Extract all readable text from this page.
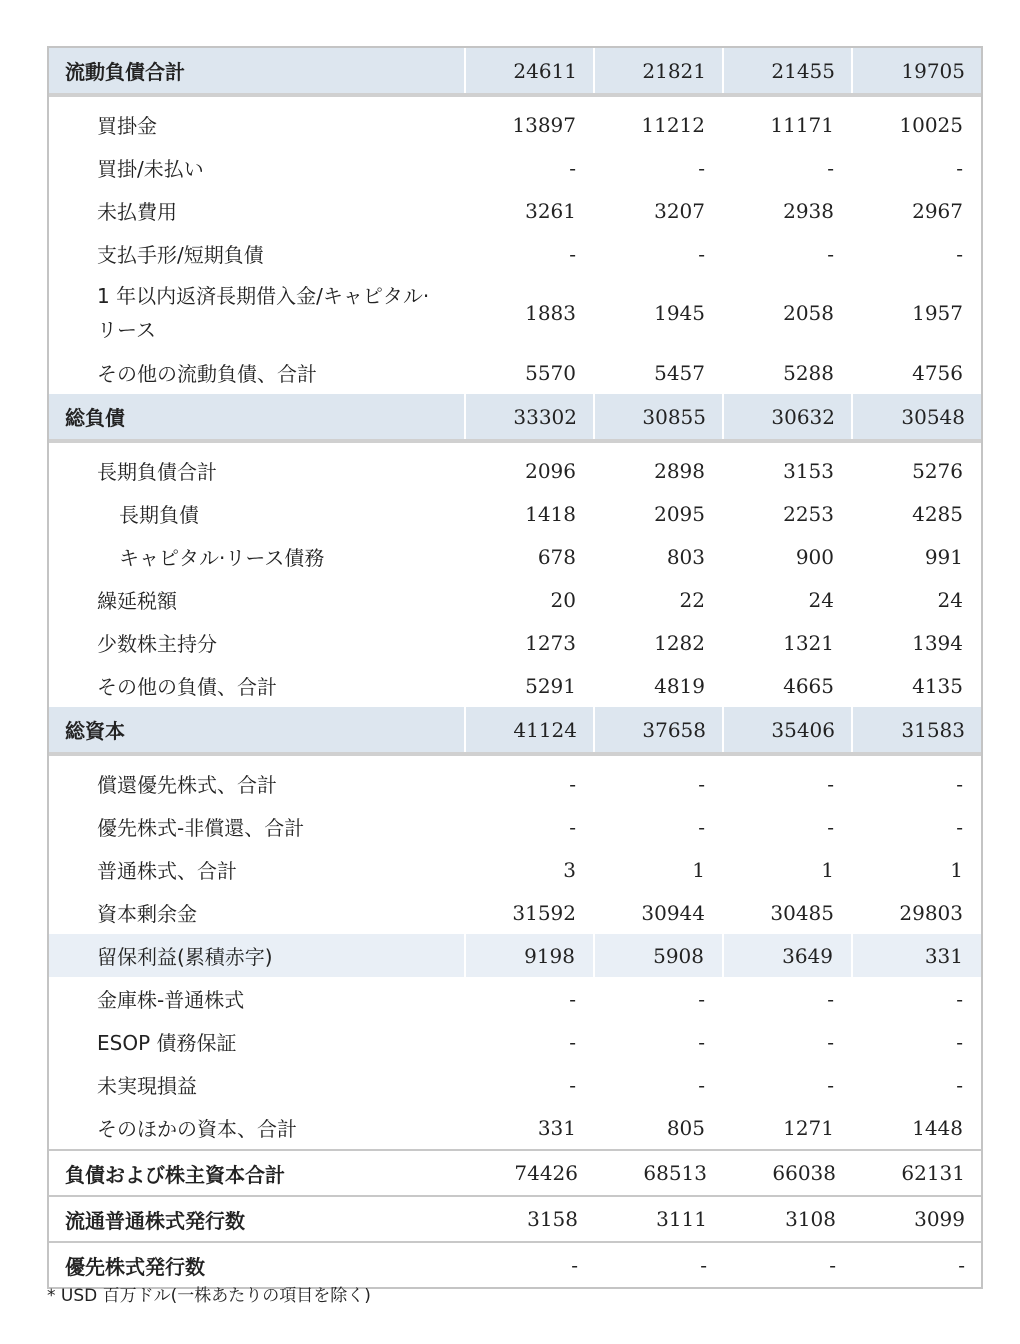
流動負債合計	24611	21821	21455	19705
買掛金	13897	11212	11171	10025
買掛/未払い	-	-	-	-
未払費用	3261	3207	2938	2967
支払手形/短期負債	-	-	-	-
1 年以内返済長期借入金/キャピタル·リース	1883	1945	2058	1957
その他の流動負債、合計	5570	5457	5288	4756
総負債	33302	30855	30632	30548
長期負債合計	2096	2898	3153	5276
長期負債	1418	2095	2253	4285
キャピタル·リース債務	678	803	900	991
繰延税額	20	22	24	24
少数株主持分	1273	1282	1321	1394
その他の負債、合計	5291	4819	4665	4135
総資本	41124	37658	35406	31583
償還優先株式、合計	-	-	-	-
優先株式-非償還、合計	-	-	-	-
普通株式、合計	3	1	1	1
資本剰余金	31592	30944	30485	29803
留保利益(累積赤字)	9198	5908	3649	331
金庫株-普通株式	-	-	-	-
ESOP 債務保証	-	-	-	-
未実現損益	-	-	-	-
そのほかの資本、合計	331	805	1271	1448
負債および株主資本合計	74426	68513	66038	62131
流通普通株式発行数	3158	3111	3108	3099
優先株式発行数	-	-	-	-
* USD 百万ドル(一株あたりの項目を除く)
